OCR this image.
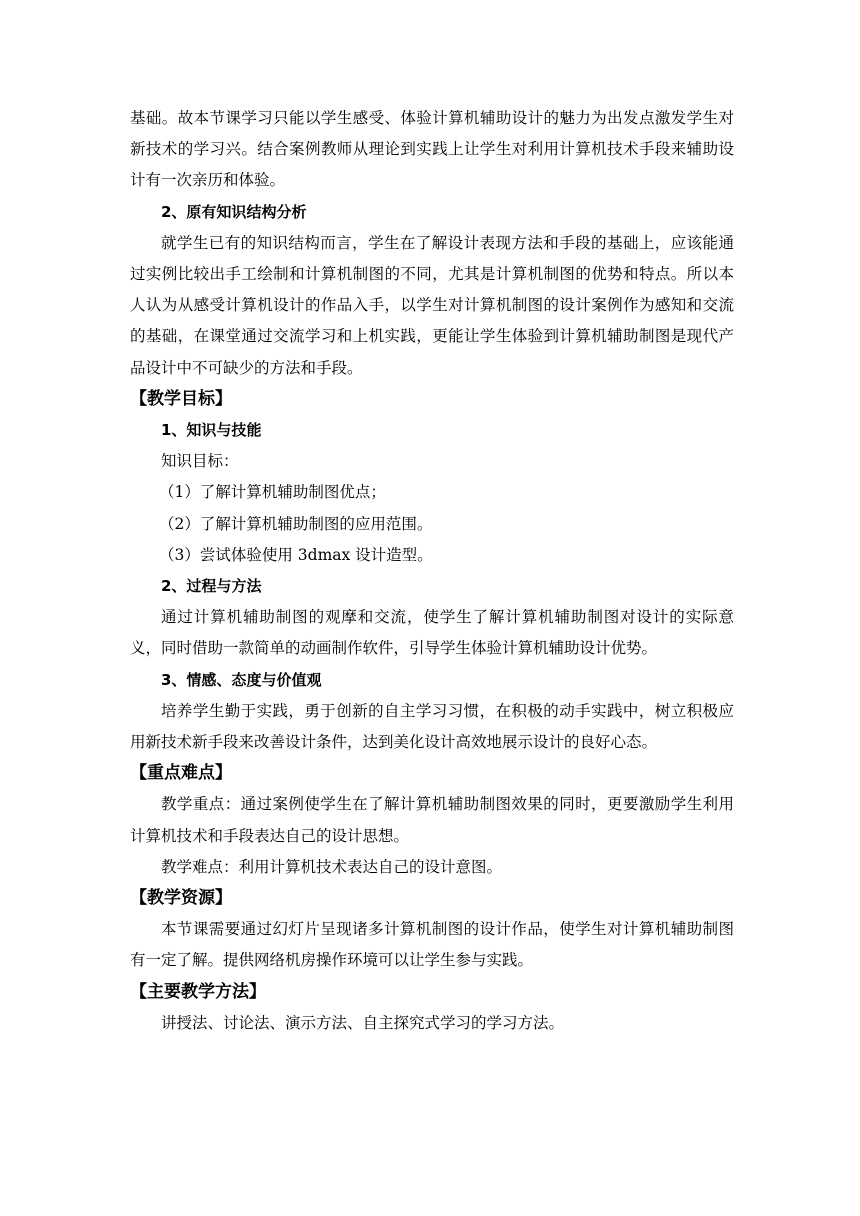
基础。故本节课学习只能以学生感受、体验计算机辅助设计的魅力为出发点激发学生对新技术的学习兴。结合案例教师从理论到实践上让学生对利用计算机技术手段来辅助设计有一次亲历和体验。

2、原有知识结构分析

就学生已有的知识结构而言，学生在了解设计表现方法和手段的基础上，应该能通过实例比较出手工绘制和计算机制图的不同，尤其是计算机制图的优势和特点。所以本人认为从感受计算机设计的作品入手，以学生对计算机制图的设计案例作为感知和交流的基础，在课堂通过交流学习和上机实践，更能让学生体验到计算机辅助制图是现代产品设计中不可缺少的方法和手段。

【教学目标】

1、知识与技能

知识目标：

（1）了解计算机辅助制图优点；

（2）了解计算机辅助制图的应用范围。

（3）尝试体验使用 3dmax 设计造型。

2、过程与方法

通过计算机辅助制图的观摩和交流，使学生了解计算机辅助制图对设计的实际意义，同时借助一款简单的动画制作软件，引导学生体验计算机辅助设计优势。

3、情感、态度与价值观

培养学生勤于实践，勇于创新的自主学习习惯，在积极的动手实践中，树立积极应用新技术新手段来改善设计条件，达到美化设计高效地展示设计的良好心态。

【重点难点】

教学重点：通过案例使学生在了解计算机辅助制图效果的同时，更要激励学生利用计算机技术和手段表达自己的设计思想。

教学难点：利用计算机技术表达自己的设计意图。

【教学资源】

本节课需要通过幻灯片呈现诸多计算机制图的设计作品，使学生对计算机辅助制图有一定了解。提供网络机房操作环境可以让学生参与实践。

【主要教学方法】

讲授法、讨论法、演示方法、自主探究式学习的学习方法。
